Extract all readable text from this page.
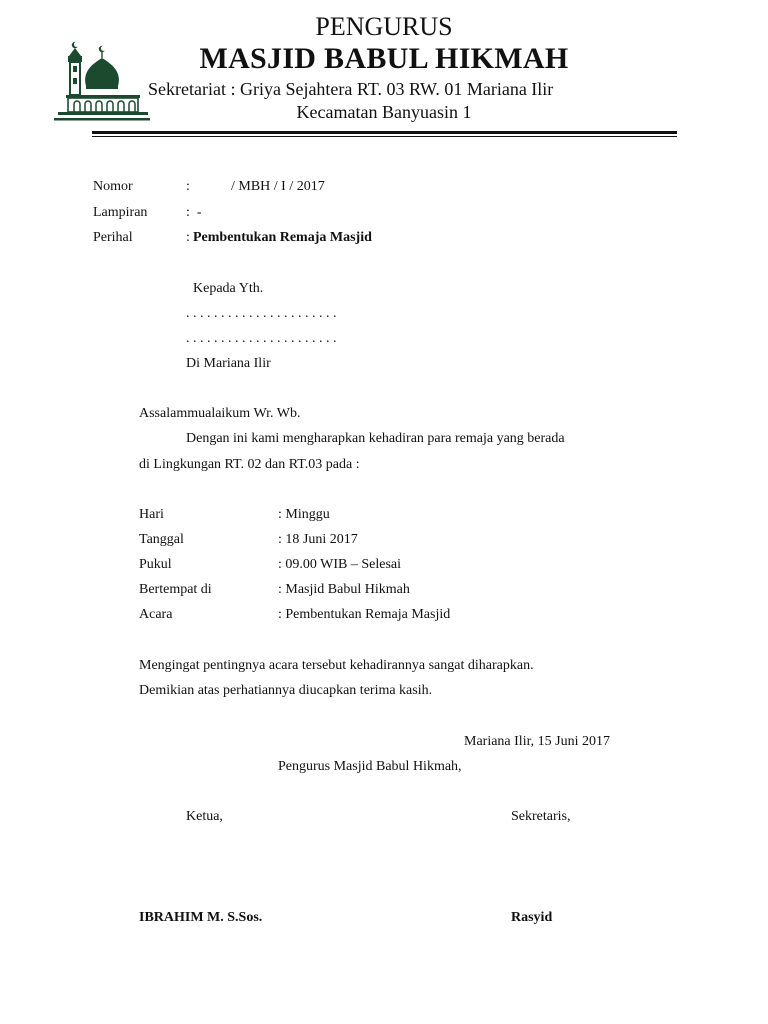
PENGURUS
MASJID BABUL HIKMAH
Sekretariat : Griya Sejahtera RT. 03 RW. 01 Mariana Ilir
Kecamatan Banyuasin 1
Nomor	:	/ MBH / I / 2017
Lampiran	:  -
Perihal	: Pembentukan Remaja Masjid
Kepada Yth.
. . . . . . . . . . . . . . . . . . . . . .
. . . . . . . . . . . . . . . . . . . . . .
Di Mariana Ilir
Assalammualaikum Wr. Wb.
Dengan ini kami mengharapkan kehadiran para remaja yang berada
di Lingkungan RT. 02 dan RT.03 pada :
Hari	: Minggu
Tanggal	: 18 Juni 2017
Pukul	: 09.00 WIB – Selesai
Bertempat di	: Masjid Babul Hikmah
Acara	: Pembentukan Remaja Masjid
Mengingat pentingnya acara tersebut kehadirannya sangat diharapkan.
Demikian atas perhatiannya diucapkan terima kasih.
Mariana Ilir, 15 Juni 2017
Pengurus Masjid Babul Hikmah,
Ketua,	Sekretaris,
IBRAHIM M. S.Sos.	Rasyid
